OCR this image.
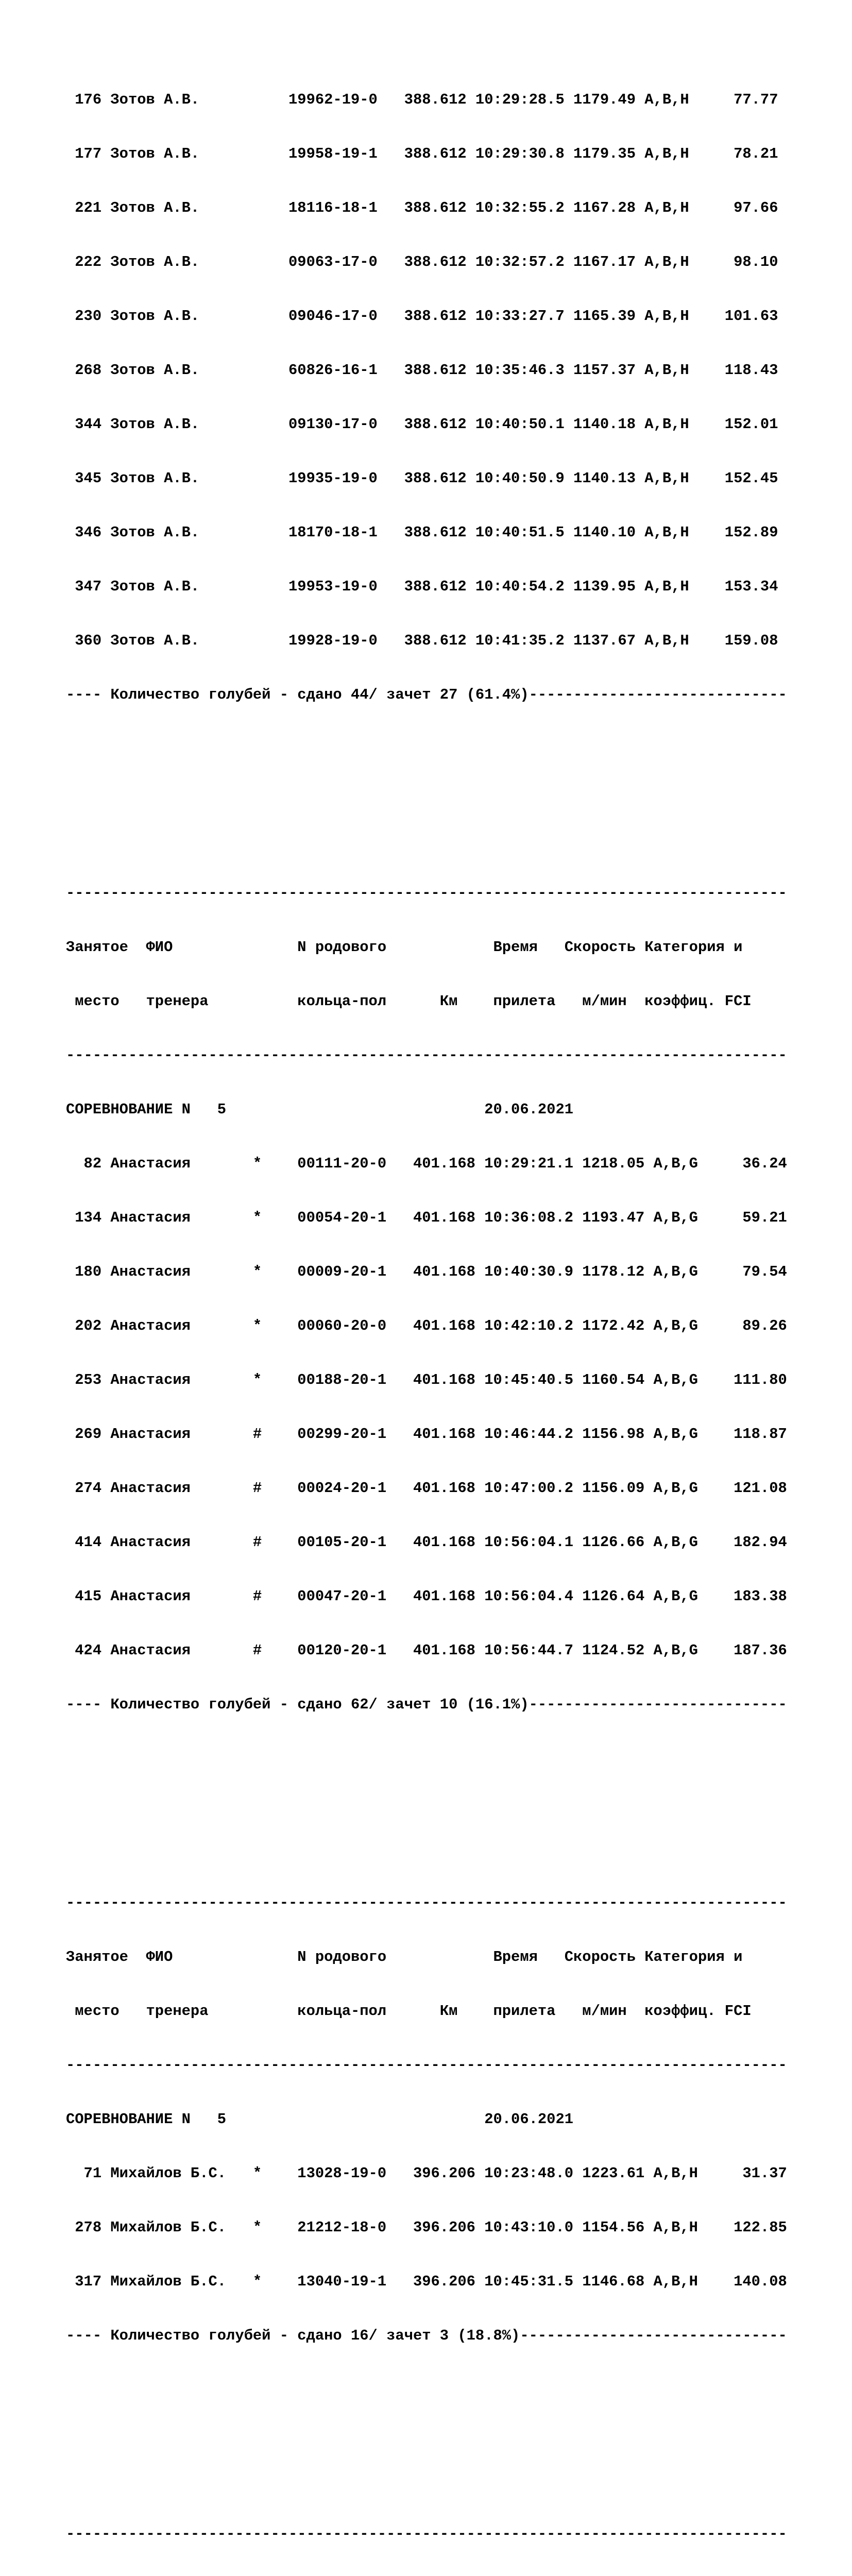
176 Зотов А.В.          19962-19-0   388.612 10:29:28.5 1179.49 А,В,Н     77.77

177 Зотов А.В.          19958-19-1   388.612 10:29:30.8 1179.35 А,В,Н     78.21

221 Зотов А.В.          18116-18-1   388.612 10:32:55.2 1167.28 А,В,Н     97.66

222 Зотов А.В.          09063-17-0   388.612 10:32:57.2 1167.17 А,В,Н     98.10

230 Зотов А.В.          09046-17-0   388.612 10:33:27.7 1165.39 А,В,Н    101.63

268 Зотов А.В.          60826-16-1   388.612 10:35:46.3 1157.37 А,В,Н    118.43

344 Зотов А.В.          09130-17-0   388.612 10:40:50.1 1140.18 А,В,Н    152.01

345 Зотов А.В.          19935-19-0   388.612 10:40:50.9 1140.13 А,В,Н    152.45

346 Зотов А.В.          18170-18-1   388.612 10:40:51.5 1140.10 А,В,Н    152.89

347 Зотов А.В.          19953-19-0   388.612 10:40:54.2 1139.95 А,В,Н    153.34

360 Зотов А.В.          19928-19-0   388.612 10:41:35.2 1137.67 А,В,Н    159.08

---- Количество голубей - сдано 44/ зачет 27 (61.4%)-----------------------------

---------------------------------------------------------------------------------

Занятое  ФИО              N родового            Время   Скорость Категория и

место   тренера          кольца-пол      Км    прилета   м/мин  коэффиц. FCI

---------------------------------------------------------------------------------

СОРЕВНОВАНИЕ N   5                             20.06.2021

82 Анастасия       *    00111-20-0   401.168 10:29:21.1 1218.05 А,В,G     36.24

134 Анастасия       *    00054-20-1   401.168 10:36:08.2 1193.47 А,В,G     59.21

180 Анастасия       *    00009-20-1   401.168 10:40:30.9 1178.12 А,В,G     79.54

202 Анастасия       *    00060-20-0   401.168 10:42:10.2 1172.42 А,В,G     89.26

253 Анастасия       *    00188-20-1   401.168 10:45:40.5 1160.54 А,В,G    111.80

269 Анастасия       #    00299-20-1   401.168 10:46:44.2 1156.98 А,В,G    118.87

274 Анастасия       #    00024-20-1   401.168 10:47:00.2 1156.09 А,В,G    121.08

414 Анастасия       #    00105-20-1   401.168 10:56:04.1 1126.66 А,В,G    182.94

415 Анастасия       #    00047-20-1   401.168 10:56:04.4 1126.64 А,В,G    183.38

424 Анастасия       #    00120-20-1   401.168 10:56:44.7 1124.52 А,В,G    187.36

---- Количество голубей - сдано 62/ зачет 10 (16.1%)-----------------------------

---------------------------------------------------------------------------------

Занятое  ФИО              N родового            Время   Скорость Категория и

место   тренера          кольца-пол      Км    прилета   м/мин  коэффиц. FCI

---------------------------------------------------------------------------------

СОРЕВНОВАНИЕ N   5                             20.06.2021

71 Михайлов Б.С.   *    13028-19-0   396.206 10:23:48.0 1223.61 А,В,Н     31.37

278 Михайлов Б.С.   *    21212-18-0   396.206 10:43:10.0 1154.56 А,В,Н    122.85

317 Михайлов Б.С.   *    13040-19-1   396.206 10:45:31.5 1146.68 А,В,Н    140.08

---- Количество голубей - сдано 16/ зачет 3 (18.8%)------------------------------

---------------------------------------------------------------------------------
